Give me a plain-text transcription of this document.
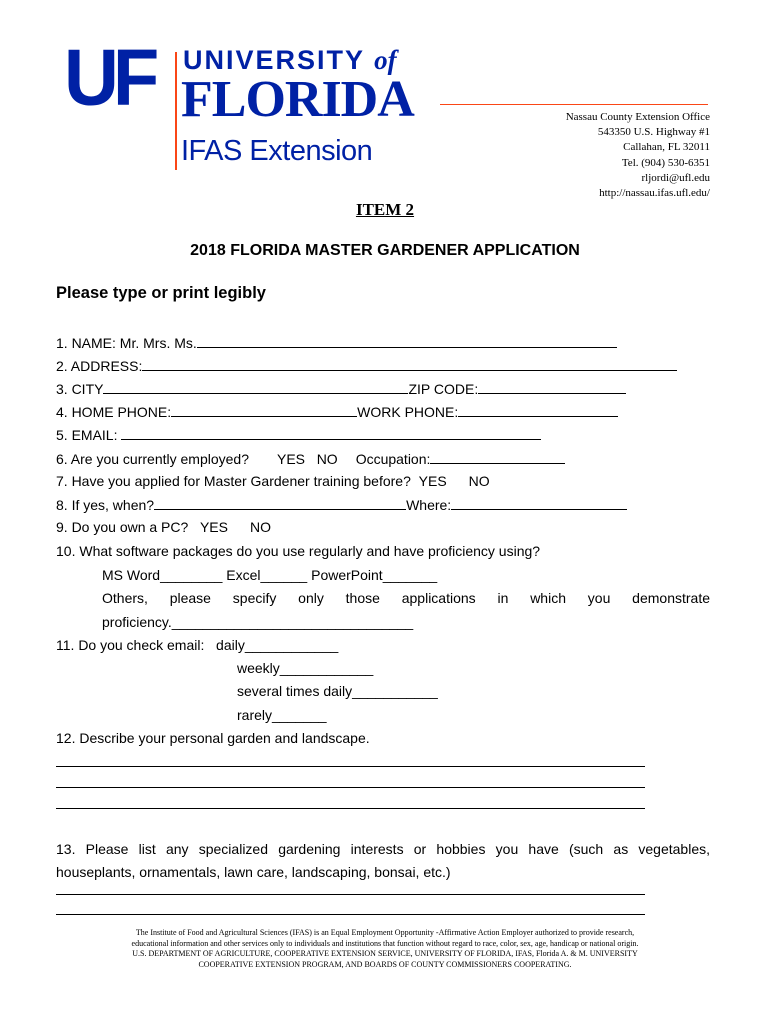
UF UNIVERSITY of
FLORIDA
IFAS Extension
Nassau County Extension Office
543350 U.S. Highway #1
Callahan, FL 32011
Tel. (904) 530-6351
rljordi@ufl.edu
http://nassau.ifas.ufl.edu/
ITEM 2
2018 FLORIDA MASTER GARDENER APPLICATION
Please type or print legibly
1. NAME: Mr. Mrs. Ms.
2. ADDRESS:
3. CITY	ZIP CODE:
4. HOME PHONE:	WORK PHONE:
5. EMAIL:
6. Are you currently employed? YES NO Occupation:
7. Have you applied for Master Gardener training before? YES NO
8. If yes, when?	Where:
9. Do you own a PC? YES NO
10. What software packages do you use regularly and have proficiency using?
MS Word________ Excel______ PowerPoint_______
Others, please specify only those applications in which you demonstrate
proficiency._______________________________
11. Do you check email: daily____________
weekly____________
several times daily___________
rarely_______
12. Describe your personal garden and landscape.
13. Please list any specialized gardening interests or hobbies you have (such as vegetables,
houseplants, ornamentals, lawn care, landscaping, bonsai, etc.)
The Institute of Food and Agricultural Sciences (IFAS) is an Equal Employment Opportunity -Affirmative Action Employer authorized to provide research,
educational information and other services only to individuals and institutions that function without regard to race, color, sex, age, handicap or national origin.
U.S. DEPARTMENT OF AGRICULTURE, COOPERATIVE EXTENSION SERVICE, UNIVERSITY OF FLORIDA, IFAS, Florida A. & M. UNIVERSITY
COOPERATIVE EXTENSION PROGRAM, AND BOARDS OF COUNTY COMMISSIONERS COOPERATING.
